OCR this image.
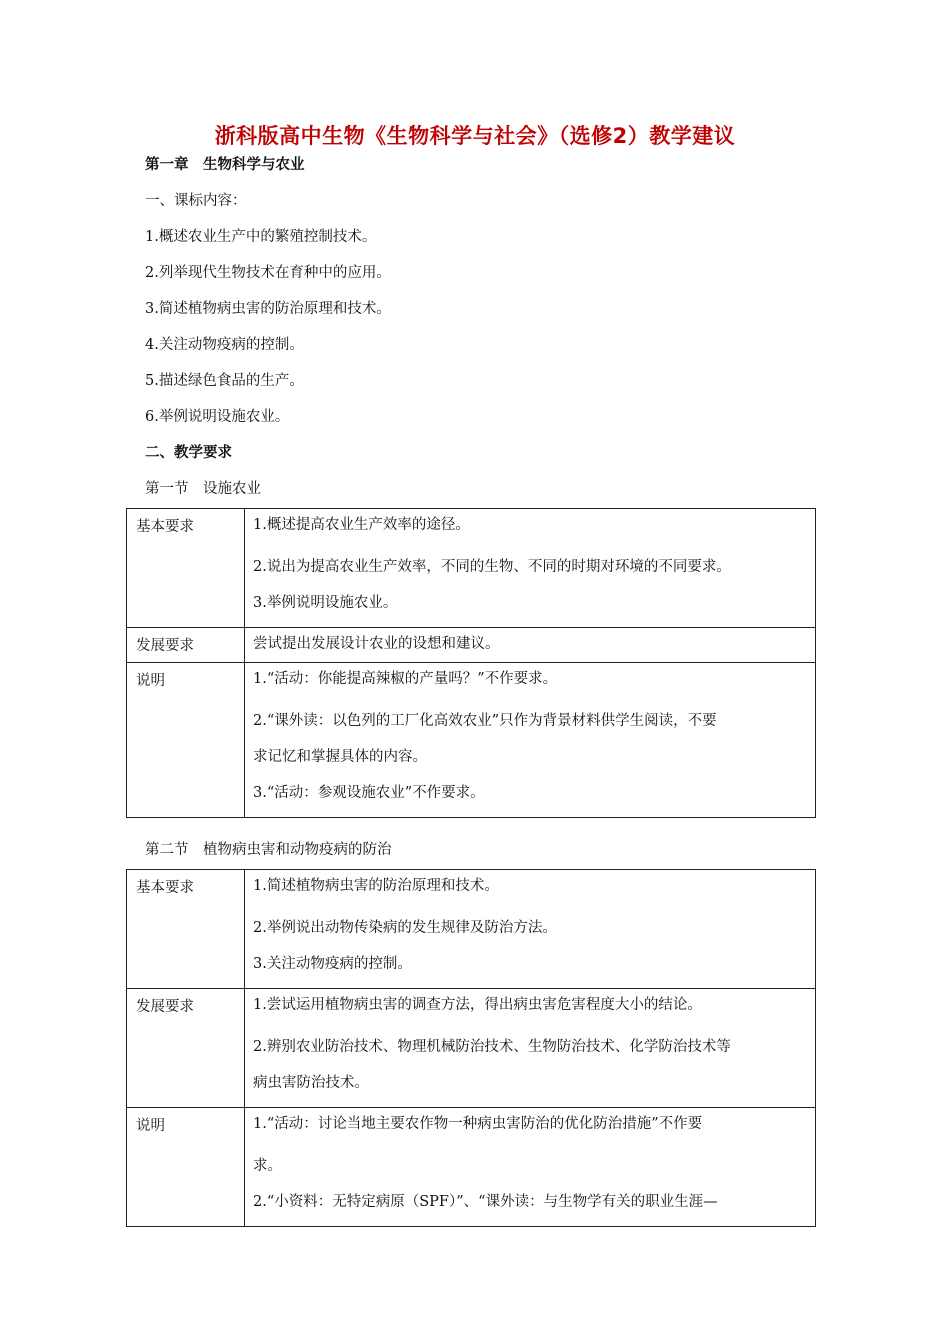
浙科版高中生物《生物科学与社会》（选修2）教学建议
第一章　生物科学与农业
一、课标内容：
1.概述农业生产中的繁殖控制技术。
2.列举现代生物技术在育种中的应用。
3.简述植物病虫害的防治原理和技术。
4.关注动物疫病的控制。
5.描述绿色食品的生产。
6.举例说明设施农业。
二、教学要求
第一节　设施农业
基本要求	1.概述提高农业生产效率的途径。
2.说出为提高农业生产效率，不同的生物、不同的时期对环境的不同要求。
3.举例说明设施农业。

发展要求	尝试提出发展设计农业的设想和建议。

说明	1.“活动：你能提高辣椒的产量吗？”不作要求。
2.“课外读：以色列的工厂化高效农业”只作为背景材料供学生阅读，不要
求记忆和掌握具体的内容。
3.“活动：参观设施农业”不作要求。
第二节　植物病虫害和动物疫病的防治
基本要求	1.简述植物病虫害的防治原理和技术。
2.举例说出动物传染病的发生规律及防治方法。
3.关注动物疫病的控制。

发展要求	1.尝试运用植物病虫害的调查方法，得出病虫害危害程度大小的结论。
2.辨别农业防治技术、物理机械防治技术、生物防治技术、化学防治技术等
病虫害防治技术。

说明	1.“活动：讨论当地主要农作物一种病虫害防治的优化防治措施”不作要
求。
2.“小资料：无特定病原（SPF）”、“课外读：与生物学有关的职业生涯—
